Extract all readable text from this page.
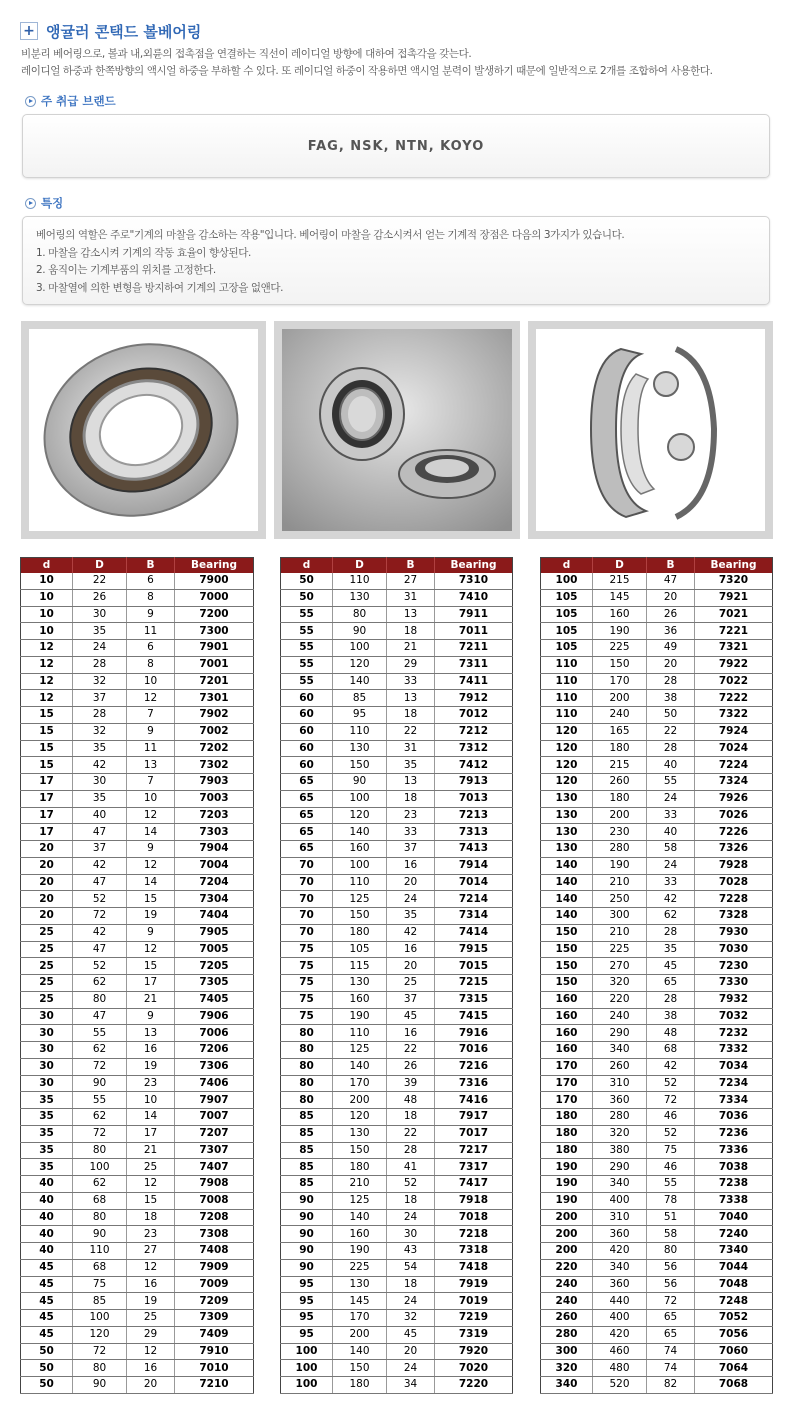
+ 앵귤러 콘택드 볼베어링
비분리 베어링으로, 볼과 내,외륜의 접촉점을 연결하는 직선이 레이디얼 방향에 대하여 접촉각을 갖는다.
레이디얼 하중과 한쪽방향의 액시얼 하중을 부하할 수 있다. 또 레이디얼 하중이 작용하면 액시얼 분력이 발생하기 때문에 일반적으로 2개를 조합하여 사용한다.
주 취급 브랜드
FAG, NSK, NTN, KOYO
특징
베어링의 역할은 주로"기계의 마찰을 감소하는 작용"입니다. 베어링이 마찰을 감소시켜서 얻는 기계적 장점은 다음의 3가지가 있습니다.
1. 마찰을 감소시켜 기계의 작동 효율이 향상된다.
2. 움직이는 기계부품의 위치를 고정한다.
3. 마찰열에 의한 변형을 방지하여 기계의 고장을 없앤다.
d	D	B	Bearing
10	22	6	7900
10	26	8	7000
10	30	9	7200
10	35	11	7300
12	24	6	7901
12	28	8	7001
12	32	10	7201
12	37	12	7301
15	28	7	7902
15	32	9	7002
15	35	11	7202
15	42	13	7302
17	30	7	7903
17	35	10	7003
17	40	12	7203
17	47	14	7303
20	37	9	7904
20	42	12	7004
20	47	14	7204
20	52	15	7304
20	72	19	7404
25	42	9	7905
25	47	12	7005
25	52	15	7205
25	62	17	7305
25	80	21	7405
30	47	9	7906
30	55	13	7006
30	62	16	7206
30	72	19	7306
30	90	23	7406
35	55	10	7907
35	62	14	7007
35	72	17	7207
35	80	21	7307
35	100	25	7407
40	62	12	7908
40	68	15	7008
40	80	18	7208
40	90	23	7308
40	110	27	7408
45	68	12	7909
45	75	16	7009
45	85	19	7209
45	100	25	7309
45	120	29	7409
50	72	12	7910
50	80	16	7010
50	90	20	7210
d	D	B	Bearing
50	110	27	7310
50	130	31	7410
55	80	13	7911
55	90	18	7011
55	100	21	7211
55	120	29	7311
55	140	33	7411
60	85	13	7912
60	95	18	7012
60	110	22	7212
60	130	31	7312
60	150	35	7412
65	90	13	7913
65	100	18	7013
65	120	23	7213
65	140	33	7313
65	160	37	7413
70	100	16	7914
70	110	20	7014
70	125	24	7214
70	150	35	7314
70	180	42	7414
75	105	16	7915
75	115	20	7015
75	130	25	7215
75	160	37	7315
75	190	45	7415
80	110	16	7916
80	125	22	7016
80	140	26	7216
80	170	39	7316
80	200	48	7416
85	120	18	7917
85	130	22	7017
85	150	28	7217
85	180	41	7317
85	210	52	7417
90	125	18	7918
90	140	24	7018
90	160	30	7218
90	190	43	7318
90	225	54	7418
95	130	18	7919
95	145	24	7019
95	170	32	7219
95	200	45	7319
100	140	20	7920
100	150	24	7020
100	180	34	7220
d	D	B	Bearing
100	215	47	7320
105	145	20	7921
105	160	26	7021
105	190	36	7221
105	225	49	7321
110	150	20	7922
110	170	28	7022
110	200	38	7222
110	240	50	7322
120	165	22	7924
120	180	28	7024
120	215	40	7224
120	260	55	7324
130	180	24	7926
130	200	33	7026
130	230	40	7226
130	280	58	7326
140	190	24	7928
140	210	33	7028
140	250	42	7228
140	300	62	7328
150	210	28	7930
150	225	35	7030
150	270	45	7230
150	320	65	7330
160	220	28	7932
160	240	38	7032
160	290	48	7232
160	340	68	7332
170	260	42	7034
170	310	52	7234
170	360	72	7334
180	280	46	7036
180	320	52	7236
180	380	75	7336
190	290	46	7038
190	340	55	7238
190	400	78	7338
200	310	51	7040
200	360	58	7240
200	420	80	7340
220	340	56	7044
240	360	56	7048
240	440	72	7248
260	400	65	7052
280	420	65	7056
300	460	74	7060
320	480	74	7064
340	520	82	7068
